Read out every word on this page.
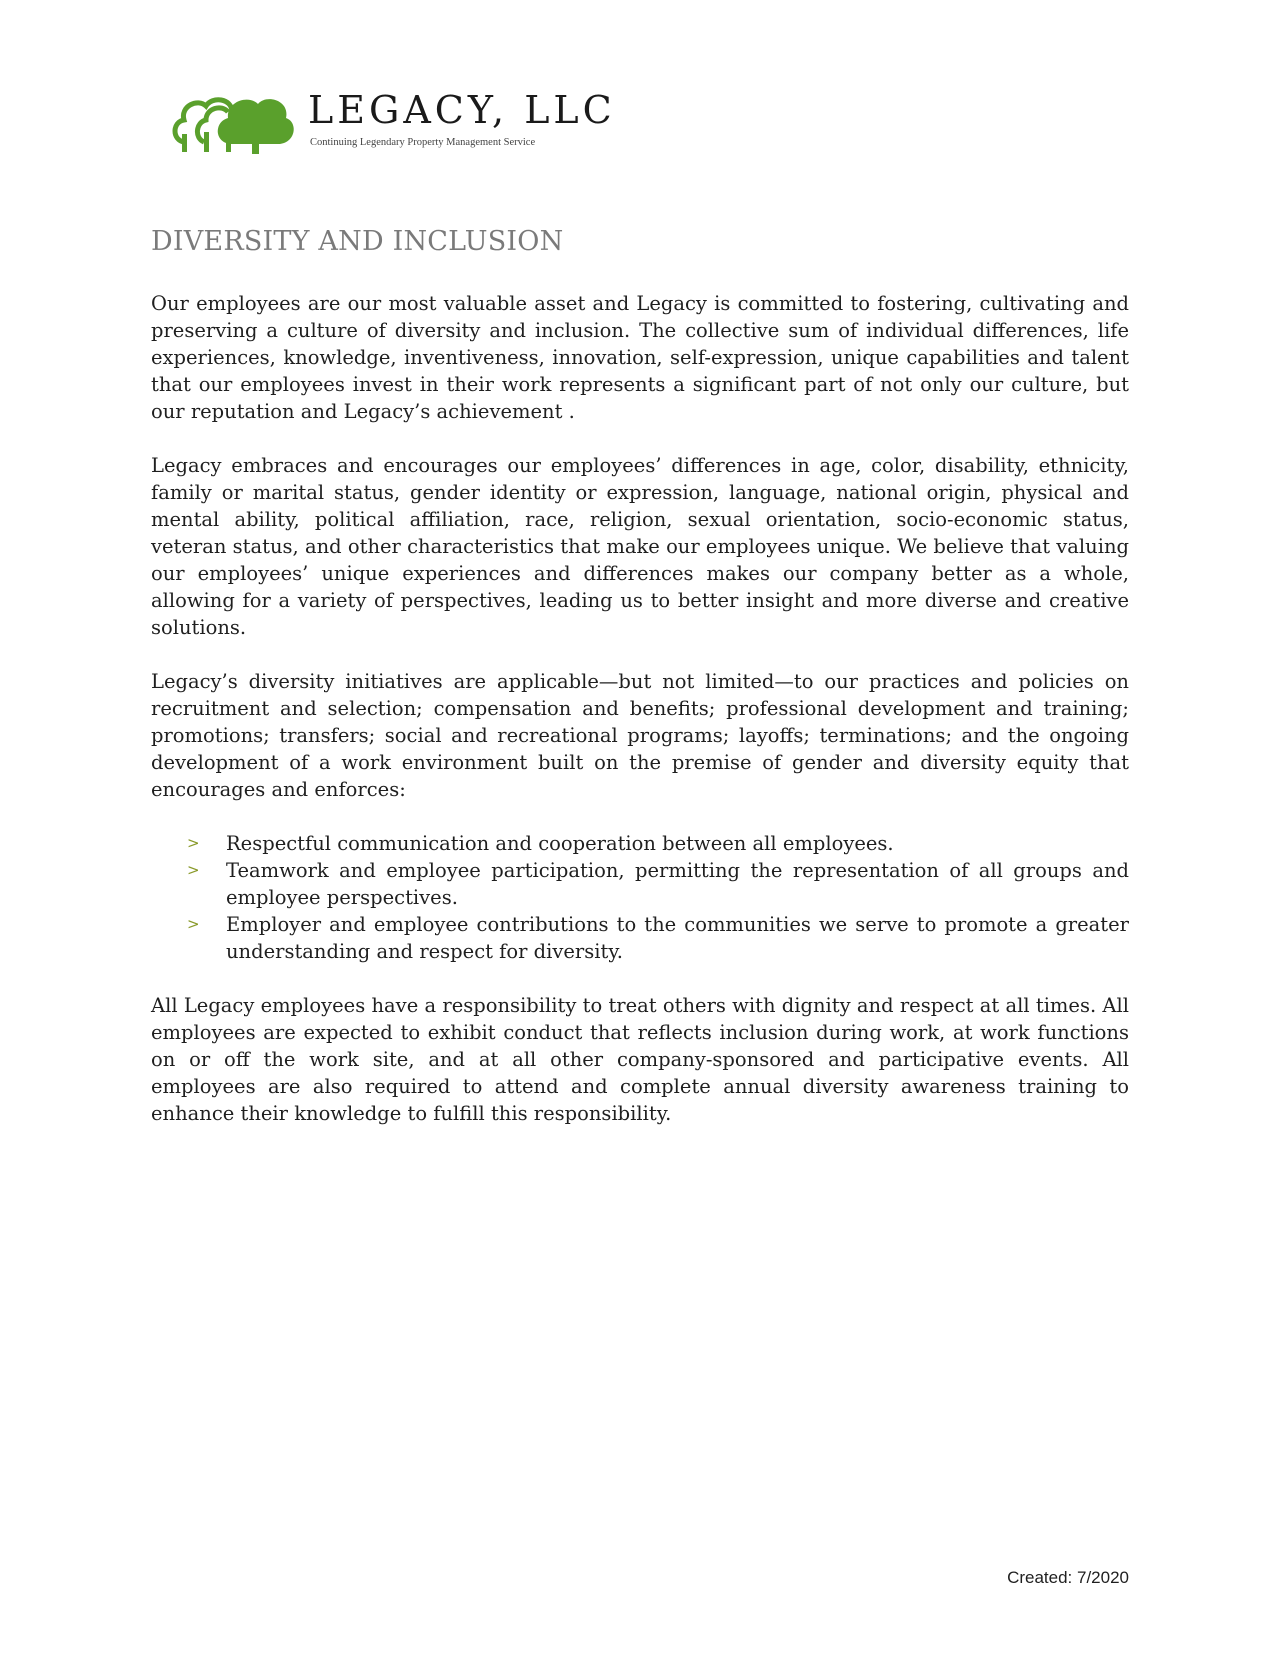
LEGACY, LLC
Continuing Legendary Property Management Service
DIVERSITY AND INCLUSION

Our employees are our most valuable asset and Legacy is committed to fostering, cultivating and preserving a culture of diversity and inclusion. The collective sum of individual differences, life experiences, knowledge, inventiveness, innovation, self-expression, unique capabilities and talent that our employees invest in their work represents a significant part of not only our culture, but our reputation and Legacy’s achievement .

Legacy embraces and encourages our employees’ differences in age, color, disability, ethnicity, family or marital status, gender identity or expression, language, national origin, physical and mental ability, political affiliation, race, religion, sexual orientation, socio-economic status, veteran status, and other characteristics that make our employees unique. We believe that valuing our employees’ unique experiences and differences makes our company better as a whole, allowing for a variety of perspectives, leading us to better insight and more diverse and creative solutions.

Legacy’s diversity initiatives are applicable—but not limited—to our practices and policies on recruitment and selection; compensation and benefits; professional development and training; promotions; transfers; social and recreational programs; layoffs; terminations; and the ongoing development of a work environment built on the premise of gender and diversity equity that encourages and enforces:

> Respectful communication and cooperation between all employees.
> Teamwork and employee participation, permitting the representation of all groups and employee perspectives.
> Employer and employee contributions to the communities we serve to promote a greater understanding and respect for diversity.

All Legacy employees have a responsibility to treat others with dignity and respect at all times. All employees are expected to exhibit conduct that reflects inclusion during work, at work functions on or off the work site, and at all other company-sponsored and participative events. All employees are also required to attend and complete annual diversity awareness training to enhance their knowledge to fulfill this responsibility.

Created: 7/2020
